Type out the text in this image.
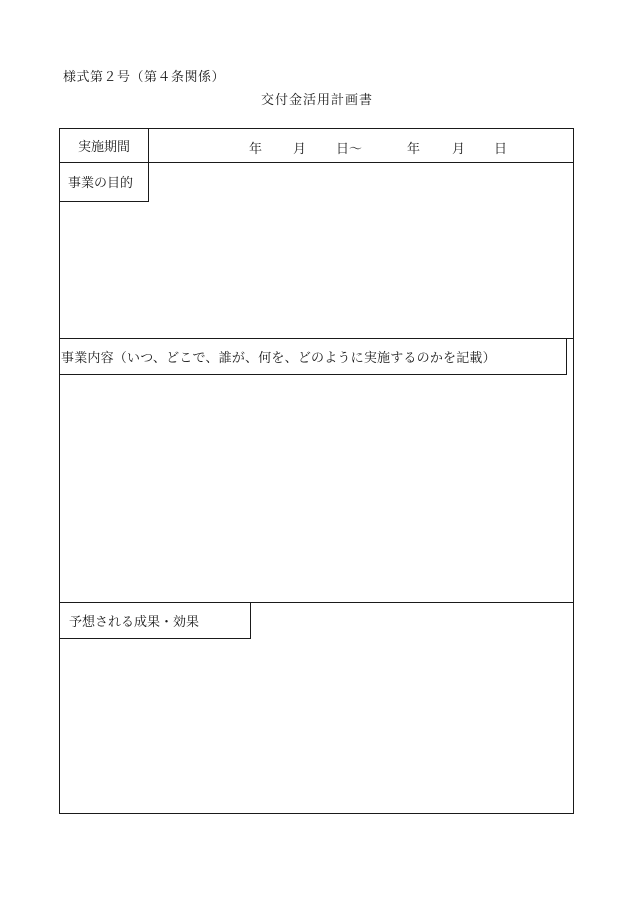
様式第２号（第４条関係）
交付金活用計画書
実施期間	年 月 日～	年 月 日
事業の目的
事業内容（いつ、どこで、誰が、何を、どのように実施するのかを記載）
予想される成果・効果
